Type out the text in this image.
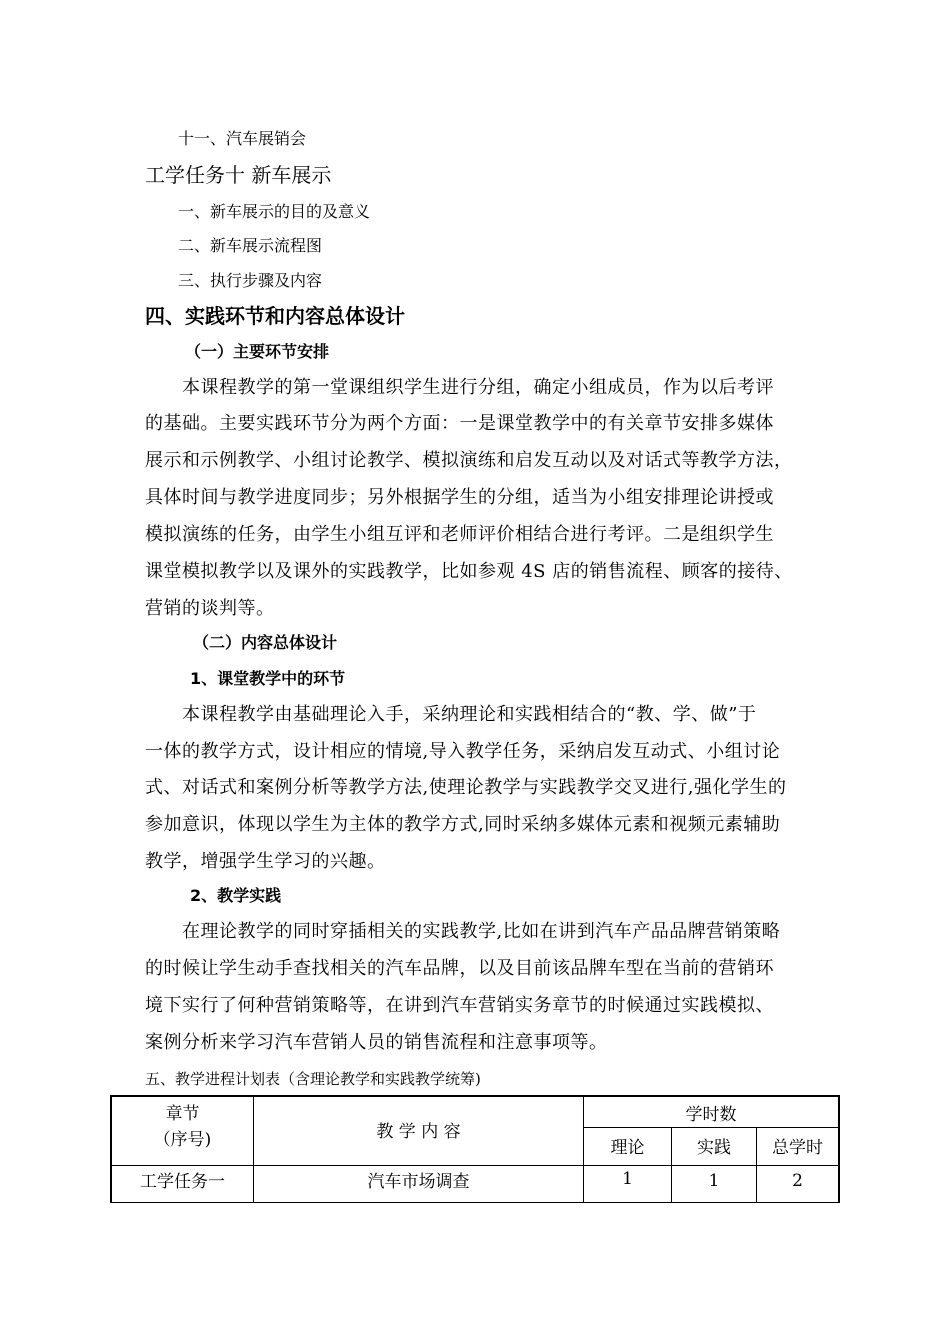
十一、汽车展销会
工学任务十 新车展示
一、新车展示的目的及意义
二、新车展示流程图
三、执行步骤及内容
四、实践环节和内容总体设计
（一）主要环节安排
本课程教学的第一堂课组织学生进行分组，确定小组成员，作为以后考评
的基础。主要实践环节分为两个方面：一是课堂教学中的有关章节安排多媒体
展示和示例教学、小组讨论教学、模拟演练和启发互动以及对话式等教学方法，
具体时间与教学进度同步；另外根据学生的分组，适当为小组安排理论讲授或
模拟演练的任务，由学生小组互评和老师评价相结合进行考评。二是组织学生
课堂模拟教学以及课外的实践教学，比如参观 4S 店的销售流程、顾客的接待、
营销的谈判等。
（二）内容总体设计
1、课堂教学中的环节
本课程教学由基础理论入手，采纳理论和实践相结合的“教、学、做”于
一体的教学方式，设计相应的情境,导入教学任务，采纳启发互动式、小组讨论
式、对话式和案例分析等教学方法,使理论教学与实践教学交叉进行,强化学生的
参加意识，体现以学生为主体的教学方式,同时采纳多媒体元素和视频元素辅助
教学，增强学生学习的兴趣。
2、教学实践
在理论教学的同时穿插相关的实践教学,比如在讲到汽车产品品牌营销策略
的时候让学生动手查找相关的汽车品牌，以及目前该品牌车型在当前的营销环
境下实行了何种营销策略等，在讲到汽车营销实务章节的时候通过实践模拟、
案例分析来学习汽车营销人员的销售流程和注意事项等。
五、教学进程计划表（含理论教学和实践教学统筹)
章节
（序号)	教 学 内 容
学时数
理论	实践	总学时
工学任务一	汽车市场调查	1	1	2
